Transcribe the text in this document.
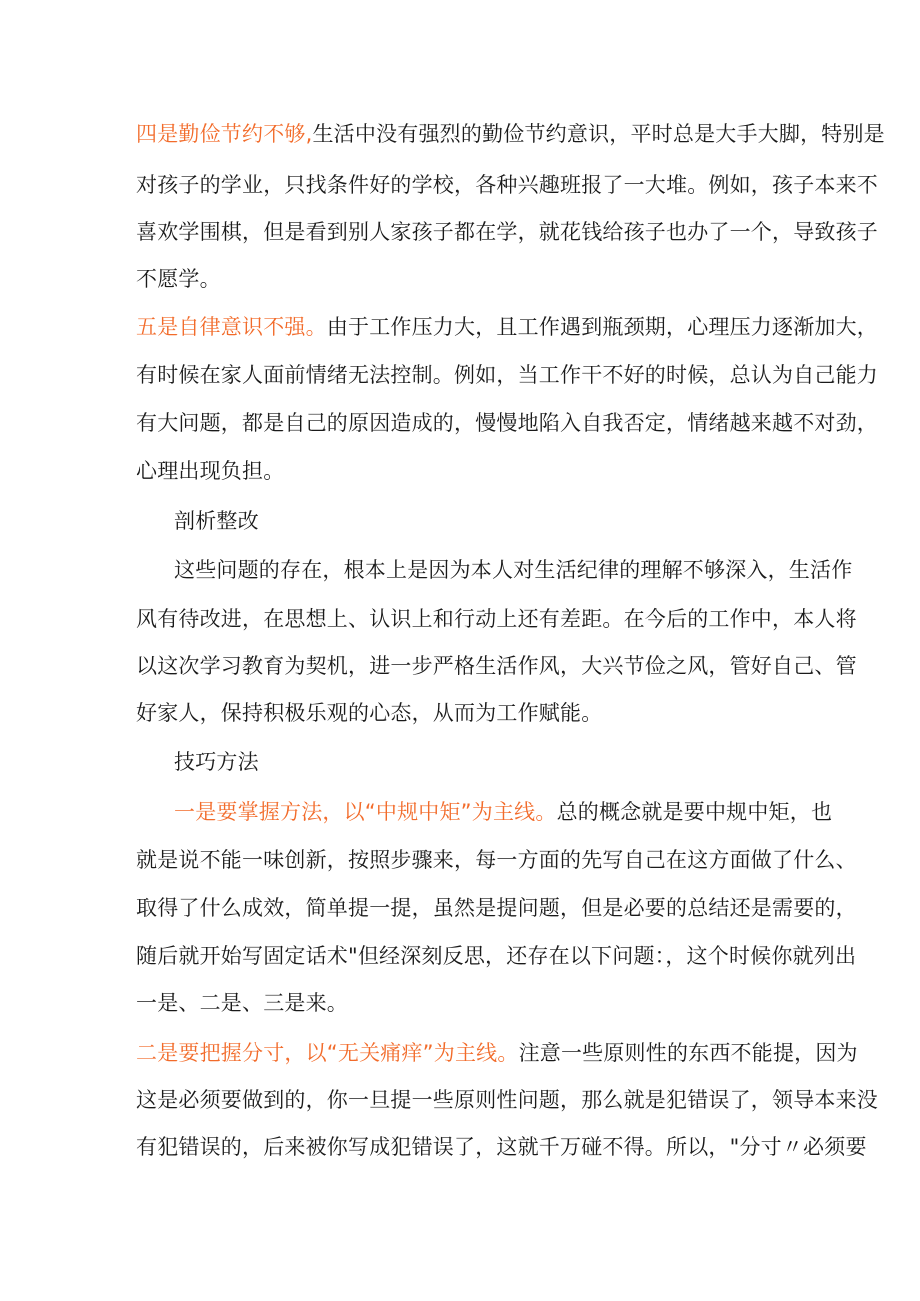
四是勤俭节约不够,生活中没有强烈的勤俭节约意识，平时总是大手大脚，特别是
对孩子的学业，只找条件好的学校，各种兴趣班报了一大堆。例如，孩子本来不
喜欢学围棋，但是看到别人家孩子都在学，就花钱给孩子也办了一个，导致孩子
不愿学。
五是自律意识不强。由于工作压力大，且工作遇到瓶颈期，心理压力逐渐加大，
有时候在家人面前情绪无法控制。例如，当工作干不好的时候，总认为自己能力
有大问题，都是自己的原因造成的，慢慢地陷入自我否定，情绪越来越不对劲，
心理出现负担。
剖析整改
这些问题的存在，根本上是因为本人对生活纪律的理解不够深入，生活作
风有待改进，在思想上、认识上和行动上还有差距。在今后的工作中，本人将
以这次学习教育为契机，进一步严格生活作风，大兴节俭之风，管好自己、管
好家人，保持积极乐观的心态，从而为工作赋能。
技巧方法
一是要掌握方法，以“中规中矩”为主线。总的概念就是要中规中矩，也
就是说不能一味创新，按照步骤来，每一方面的先写自己在这方面做了什么、
取得了什么成效，简单提一提，虽然是提问题，但是必要的总结还是需要的，
随后就开始写固定话术"但经深刻反思，还存在以下问题：，这个时候你就列出
一是、二是、三是来。
二是要把握分寸，以“无关痛痒”为主线。注意一些原则性的东西不能提，因为
这是必须要做到的，你一旦提一些原则性问题，那么就是犯错误了，领导本来没
有犯错误的，后来被你写成犯错误了，这就千万碰不得。所以，"分寸〃必须要
